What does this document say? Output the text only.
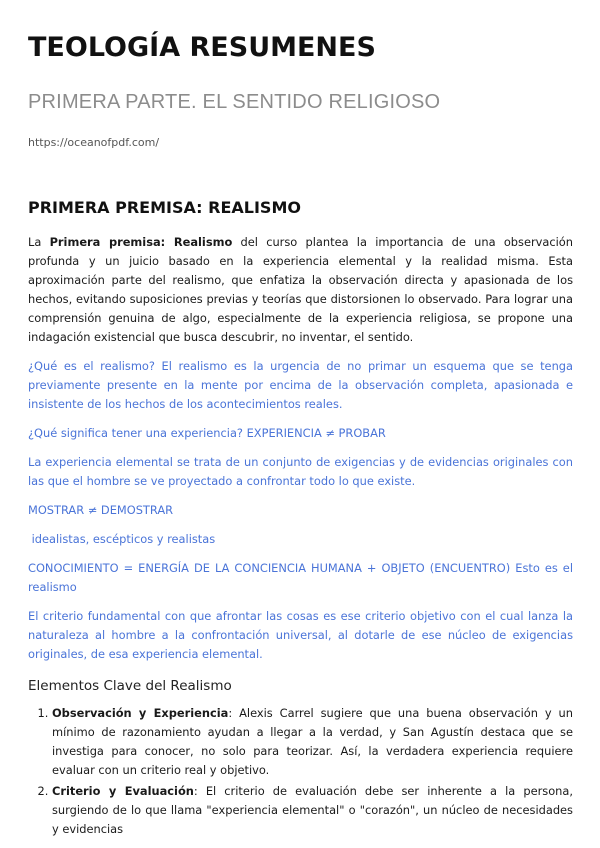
TEOLOGÍA RESUMENES
PRIMERA PARTE. EL SENTIDO RELIGIOSO
https://oceanofpdf.com/
PRIMERA PREMISA: REALISMO

La Primera premisa: Realismo del curso plantea la importancia de una observación profunda y un juicio basado en la experiencia elemental y la realidad misma. Esta aproximación parte del realismo, que enfatiza la observación directa y apasionada de los hechos, evitando suposiciones previas y teorías que distorsionen lo observado. Para lograr una comprensión genuina de algo, especialmente de la experiencia religiosa, se propone una indagación existencial que busca descubrir, no inventar, el sentido.

¿Qué es el realismo? El realismo es la urgencia de no primar un esquema que se tenga previamente presente en la mente por encima de la observación completa, apasionada e insistente de los hechos de los acontecimientos reales.

¿Qué significa tener una experiencia? EXPERIENCIA ≠ PROBAR

La experiencia elemental se trata de un conjunto de exigencias y de evidencias originales con las que el hombre se ve proyectado a confrontar todo lo que existe.

MOSTRAR ≠ DEMOSTRAR

idealistas, escépticos y realistas

CONOCIMIENTO = ENERGÍA DE LA CONCIENCIA HUMANA + OBJETO (ENCUENTRO) Esto es el realismo

El criterio fundamental con que afrontar las cosas es ese criterio objetivo con el cual lanza la naturaleza al hombre a la confrontación universal, al dotarle de ese núcleo de exigencias originales, de esa experiencia elemental.

Elementos Clave del Realismo
1. Observación y Experiencia: Alexis Carrel sugiere que una buena observación y un mínimo de razonamiento ayudan a llegar a la verdad, y San Agustín destaca que se investiga para conocer, no solo para teorizar. Así, la verdadera experiencia requiere evaluar con un criterio real y objetivo.
2. Criterio y Evaluación: El criterio de evaluación debe ser inherente a la persona, surgiendo de lo que llama "experiencia elemental" o "corazón", un núcleo de necesidades y evidencias
